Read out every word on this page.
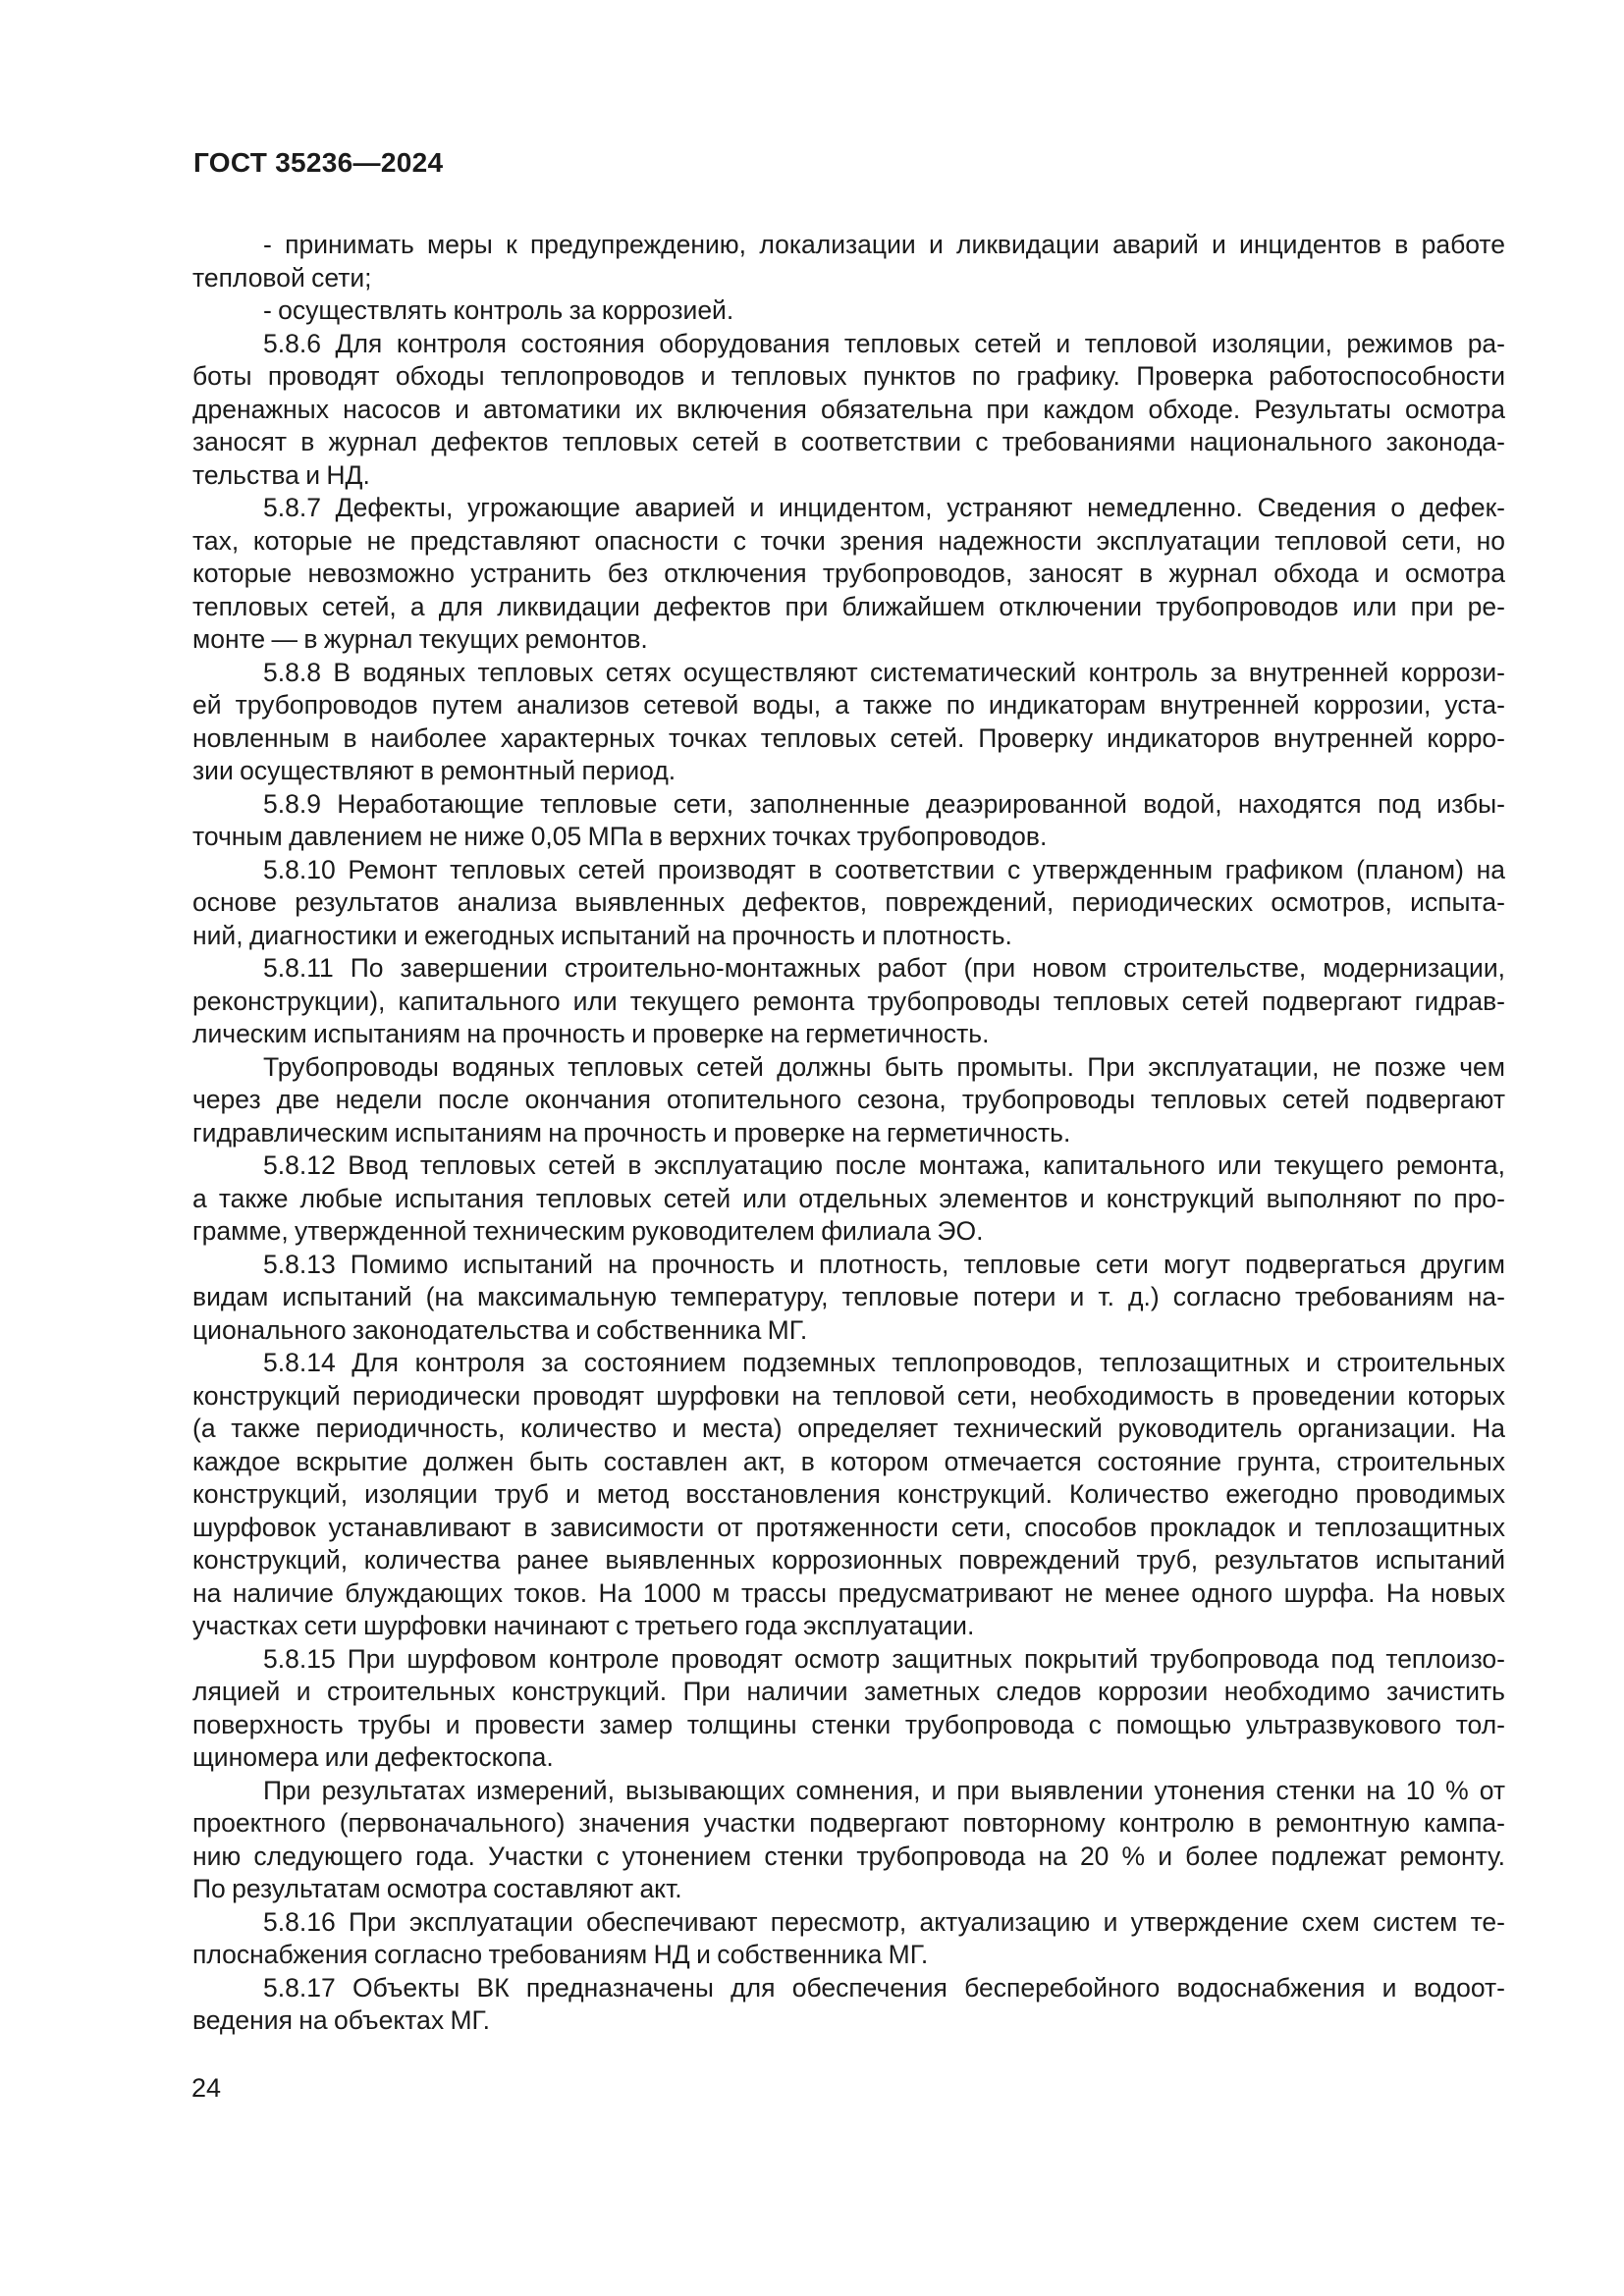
ГОСТ 35236—2024

- принимать меры к предупреждению, локализации и ликвидации аварий и инцидентов в работе
тепловой сети;

- осуществлять контроль за коррозией.

5.8.6 Для контроля состояния оборудования тепловых сетей и тепловой изоляции, режимов ра-
боты проводят обходы теплопроводов и тепловых пунктов по графику. Проверка работоспособности
дренажных насосов и автоматики их включения обязательна при каждом обходе. Результаты осмотра
заносят в журнал дефектов тепловых сетей в соответствии с требованиями национального законода-
тельства и НД.

5.8.7 Дефекты, угрожающие аварией и инцидентом, устраняют немедленно. Сведения о дефек-
тах, которые не представляют опасности с точки зрения надежности эксплуатации тепловой сети, но
которые невозможно устранить без отключения трубопроводов, заносят в журнал обхода и осмотра
тепловых сетей, а для ликвидации дефектов при ближайшем отключении трубопроводов или при ре-
монте — в журнал текущих ремонтов.

5.8.8 В водяных тепловых сетях осуществляют систематический контроль за внутренней коррози-
ей трубопроводов путем анализов сетевой воды, а также по индикаторам внутренней коррозии, уста-
новленным в наиболее характерных точках тепловых сетей. Проверку индикаторов внутренней корро-
зии осуществляют в ремонтный период.

5.8.9 Неработающие тепловые сети, заполненные деаэрированной водой, находятся под избы-
точным давлением не ниже 0,05 МПа в верхних точках трубопроводов.

5.8.10 Ремонт тепловых сетей производят в соответствии с утвержденным графиком (планом) на
основе результатов анализа выявленных дефектов, повреждений, периодических осмотров, испыта-
ний, диагностики и ежегодных испытаний на прочность и плотность.

5.8.11 По завершении строительно-монтажных работ (при новом строительстве, модернизации,
реконструкции), капитального или текущего ремонта трубопроводы тепловых сетей подвергают гидрав-
лическим испытаниям на прочность и проверке на герметичность.

Трубопроводы водяных тепловых сетей должны быть промыты. При эксплуатации, не позже чем
через две недели после окончания отопительного сезона, трубопроводы тепловых сетей подвергают
гидравлическим испытаниям на прочность и проверке на герметичность.

5.8.12 Ввод тепловых сетей в эксплуатацию после монтажа, капитального или текущего ремонта,
а также любые испытания тепловых сетей или отдельных элементов и конструкций выполняют по про-
грамме, утвержденной техническим руководителем филиала ЭО.

5.8.13 Помимо испытаний на прочность и плотность, тепловые сети могут подвергаться другим
видам испытаний (на максимальную температуру, тепловые потери и т. д.) согласно требованиям на-
ционального законодательства и собственника МГ.

5.8.14 Для контроля за состоянием подземных теплопроводов, теплозащитных и строительных
конструкций периодически проводят шурфовки на тепловой сети, необходимость в проведении которых
(а также периодичность, количество и места) определяет технический руководитель организации. На
каждое вскрытие должен быть составлен акт, в котором отмечается состояние грунта, строительных
конструкций, изоляции труб и метод восстановления конструкций. Количество ежегодно проводимых
шурфовок устанавливают в зависимости от протяженности сети, способов прокладок и теплозащитных
конструкций, количества ранее выявленных коррозионных повреждений труб, результатов испытаний
на наличие блуждающих токов. На 1000 м трассы предусматривают не менее одного шурфа. На новых
участках сети шурфовки начинают с третьего года эксплуатации.

5.8.15 При шурфовом контроле проводят осмотр защитных покрытий трубопровода под теплоизо-
ляцией и строительных конструкций. При наличии заметных следов коррозии необходимо зачистить
поверхность трубы и провести замер толщины стенки трубопровода с помощью ультразвукового тол-
щиномера или дефектоскопа.

При результатах измерений, вызывающих сомнения, и при выявлении утонения стенки на 10 % от
проектного (первоначального) значения участки подвергают повторному контролю в ремонтную кампа-
нию следующего года. Участки с утонением стенки трубопровода на 20 % и более подлежат ремонту.
По результатам осмотра составляют акт.

5.8.16 При эксплуатации обеспечивают пересмотр, актуализацию и утверждение схем систем те-
плоснабжения согласно требованиям НД и собственника МГ.

5.8.17 Объекты ВК предназначены для обеспечения бесперебойного водоснабжения и водоот-
ведения на объектах МГ.

24
